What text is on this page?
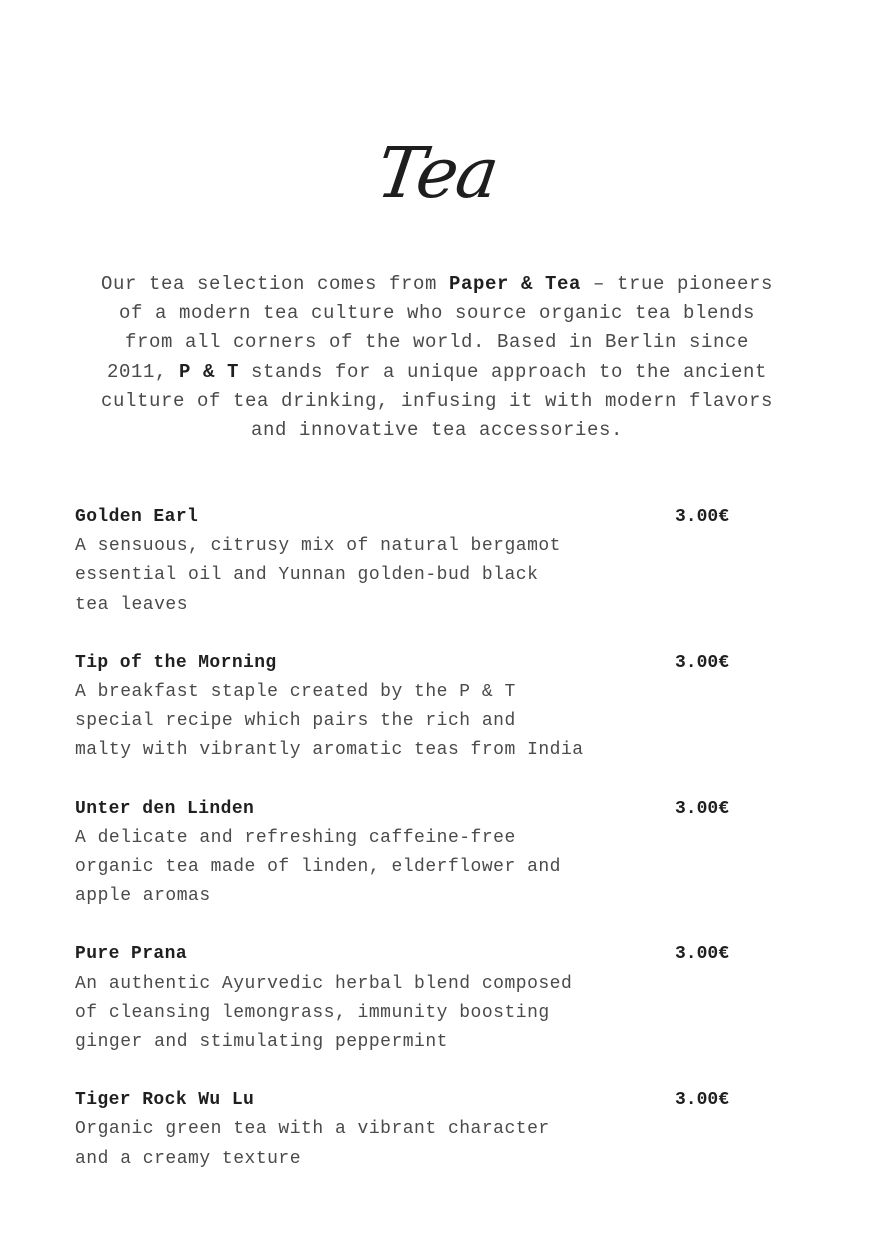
Tea
Our tea selection comes from Paper & Tea – true pioneers
of a modern tea culture who source organic tea blends
from all corners of the world. Based in Berlin since
2011, P & T stands for a unique approach to the ancient
culture of tea drinking, infusing it with modern flavors
and innovative tea accessories.
Golden Earl	3.00€
A sensuous, citrusy mix of natural bergamot
essential oil and Yunnan golden-bud black
tea leaves
Tip of the Morning	3.00€
A breakfast staple created by the P & T
special recipe which pairs the rich and
malty with vibrantly aromatic teas from India
Unter den Linden	3.00€
A delicate and refreshing caffeine-free
organic tea made of linden, elderflower and
apple aromas
Pure Prana	3.00€
An authentic Ayurvedic herbal blend composed
of cleansing lemongrass, immunity boosting
ginger and stimulating peppermint
Tiger Rock Wu Lu	3.00€
Organic green tea with a vibrant character
and a creamy texture
